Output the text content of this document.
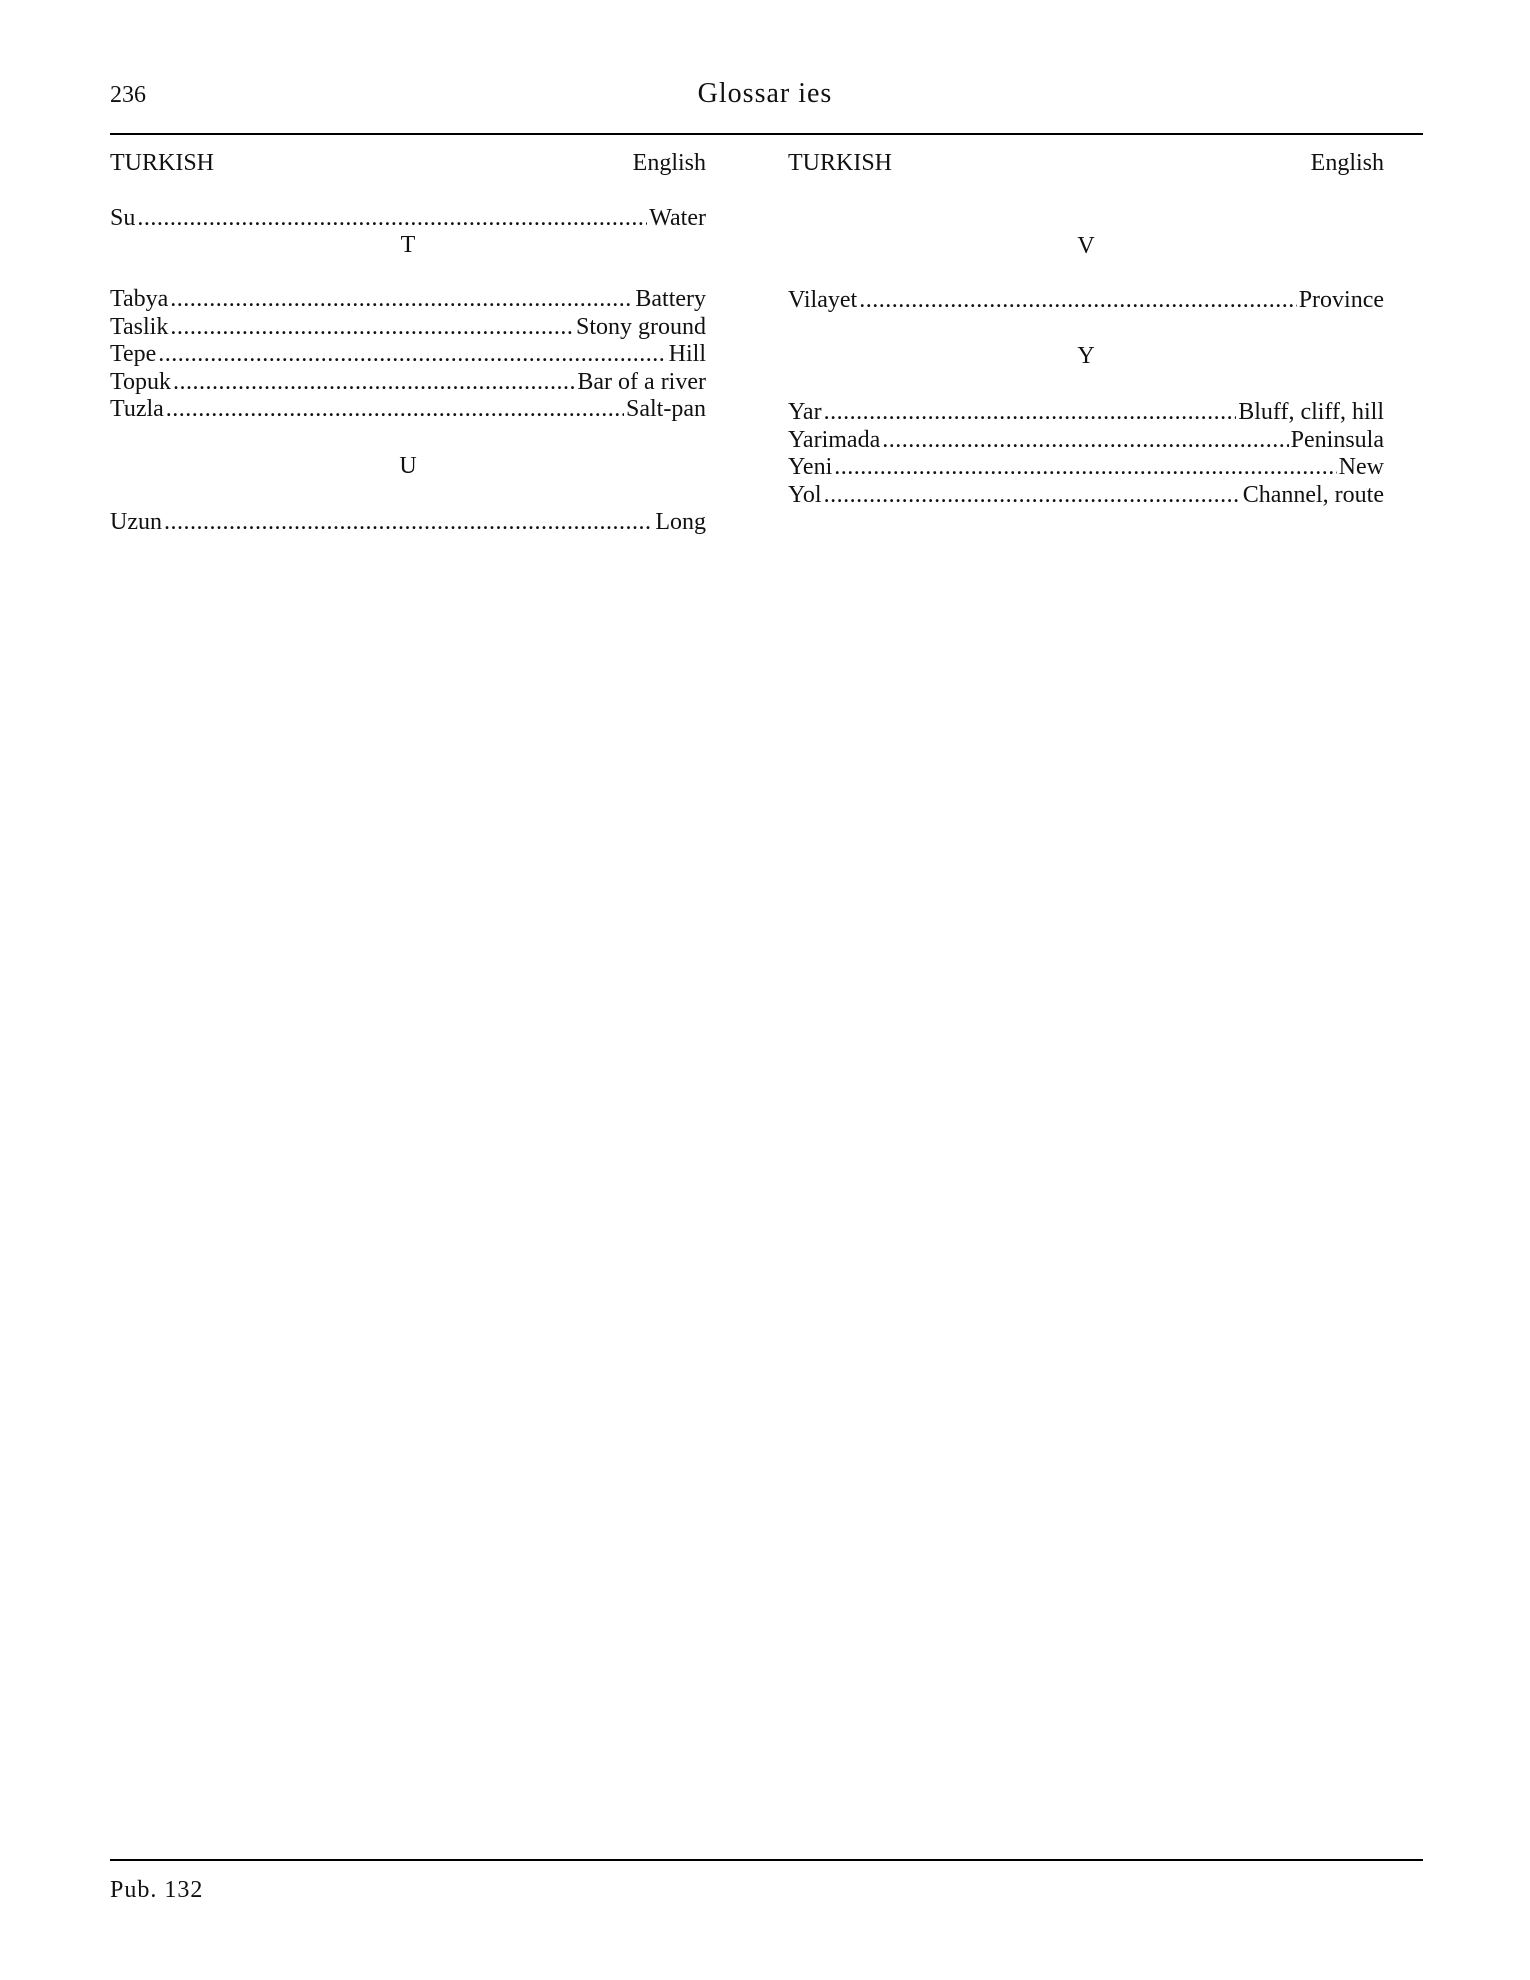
236	Glossar ies
TURKISH	English
Su .....	Water
T
Tabya .....	Battery
Taslik .....	Stony ground
Tepe .....	Hill
Topuk .....	Bar of a river
Tuzla .....	Salt-pan
U
Uzun .....	Long
TURKISH	English
V
Vilayet .....	Province
Y
Yar .....	Bluff, cliff, hill
Yarimada .....	Peninsula
Yeni .....	New
Yol .....	Channel, route
Pub. 132
